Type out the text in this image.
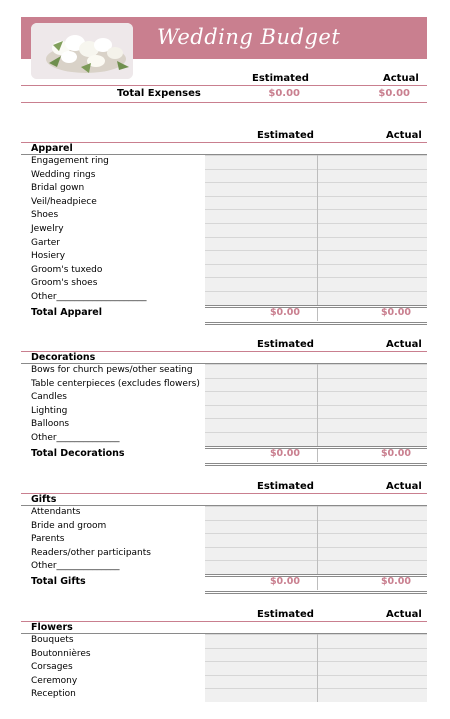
Wedding Budget
Estimated	Actual
Total Expenses	$0.00	$0.00
Estimated	Actual
Apparel
Engagement ring
Wedding rings
Bridal gown
Veil/headpiece
Shoes
Jewelry
Garter
Hosiery
Groom's tuxedo
Groom's shoes
Other____________________
Total Apparel	$0.00	$0.00
Estimated	Actual
Decorations
Bows for church pews/other seating
Table centerpieces (excludes flowers)
Candles
Lighting
Balloons
Other______________
Total Decorations	$0.00	$0.00
Estimated	Actual
Gifts
Attendants
Bride and groom
Parents
Readers/other participants
Other______________
Total Gifts	$0.00	$0.00
Estimated	Actual
Flowers
Bouquets
Boutonnières
Corsages
Ceremony
Reception
